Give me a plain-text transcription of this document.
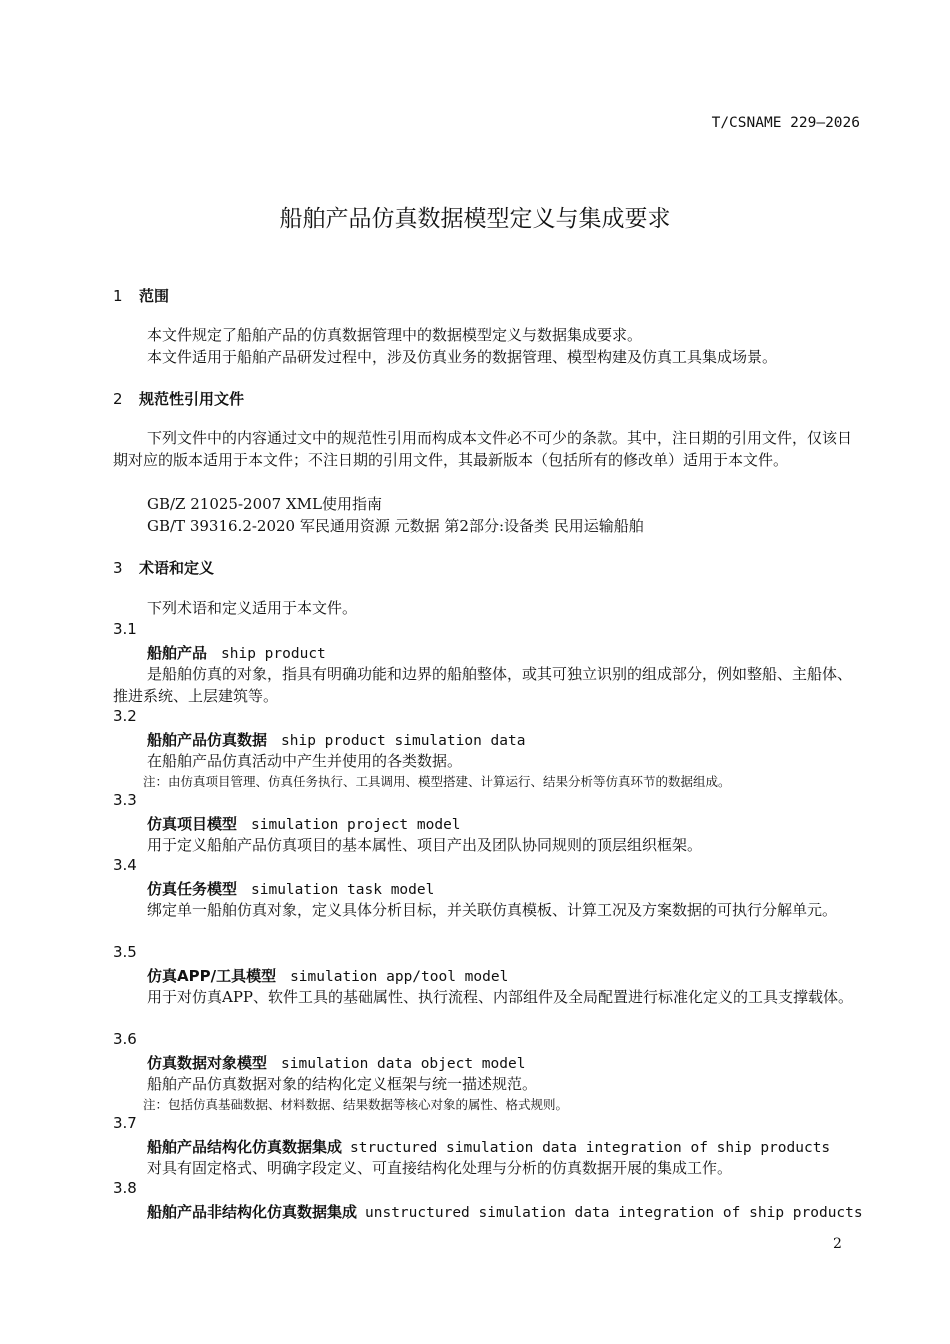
T/CSNAME 229—2026
船舶产品仿真数据模型定义与集成要求
1 范围
本文件规定了船舶产品的仿真数据管理中的数据模型定义与数据集成要求。
本文件适用于船舶产品研发过程中，涉及仿真业务的数据管理、模型构建及仿真工具集成场景。
2 规范性引用文件
下列文件中的内容通过文中的规范性引用而构成本文件必不可少的条款。其中，注日期的引用文件，仅该日期对应的版本适用于本文件；不注日期的引用文件，其最新版本（包括所有的修改单）适用于本文件。
GB/Z 21025-2007 XML使用指南
GB/T 39316.2-2020 军民通用资源 元数据 第2部分:设备类 民用运输船舶
3 术语和定义
下列术语和定义适用于本文件。
3.1
船舶产品 ship product
是船舶仿真的对象，指具有明确功能和边界的船舶整体，或其可独立识别的组成部分，例如整船、主船体、推进系统、上层建筑等。
3.2
船舶产品仿真数据 ship product simulation data
在船舶产品仿真活动中产生并使用的各类数据。
注：由仿真项目管理、仿真任务执行、工具调用、模型搭建、计算运行、结果分析等仿真环节的数据组成。
3.3
仿真项目模型 simulation project model
用于定义船舶产品仿真项目的基本属性、项目产出及团队协同规则的顶层组织框架。
3.4
仿真任务模型 simulation task model
绑定单一船舶仿真对象，定义具体分析目标，并关联仿真模板、计算工况及方案数据的可执行分解单元。
3.5
仿真APP/工具模型 simulation app/tool model
用于对仿真APP、软件工具的基础属性、执行流程、内部组件及全局配置进行标准化定义的工具支撑载体。
3.6
仿真数据对象模型 simulation data object model
船舶产品仿真数据对象的结构化定义框架与统一描述规范。
注：包括仿真基础数据、材料数据、结果数据等核心对象的属性、格式规则。
3.7
船舶产品结构化仿真数据集成 structured simulation data integration of ship products
对具有固定格式、明确字段定义、可直接结构化处理与分析的仿真数据开展的集成工作。
3.8
船舶产品非结构化仿真数据集成 unstructured simulation data integration of ship products
2
